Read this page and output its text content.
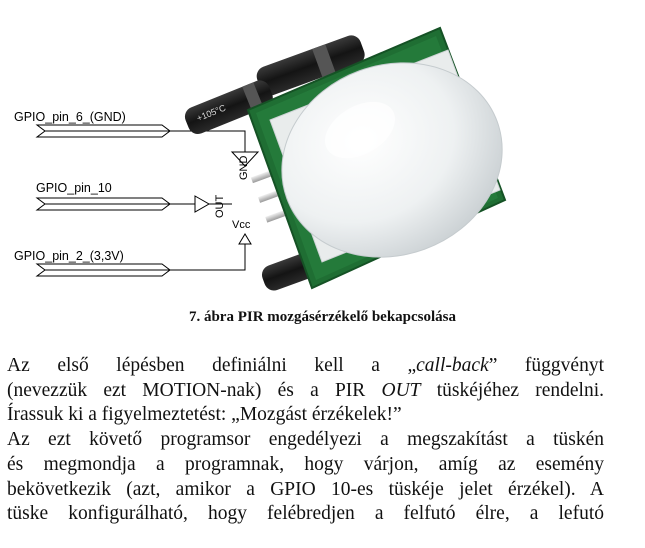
GPIO_pin_6_(GND)
GPIO_pin_10
GPIO_pin_2_(3,3V)
GND
OUT
Vcc
+105°C
7. ábra PIR mozgásérzékelő bekapcsolása

Az első lépésben definiálni kell a „call-back” függvényt

(nevezzük ezt MOTION-nak) és a PIR OUT tüskéjéhez rendelni.

Írassuk ki a figyelmeztetést: „Mozgást érzékelek!”

Az ezt követő programsor engedélyezi a megszakítást a tüskén

és megmondja a programnak, hogy várjon, amíg az esemény

bekövetkezik (azt, amikor a GPIO 10-es tüskéje jelet érzékel). A

tüske konfigurálható, hogy felébredjen a felfutó élre, a lefutó
